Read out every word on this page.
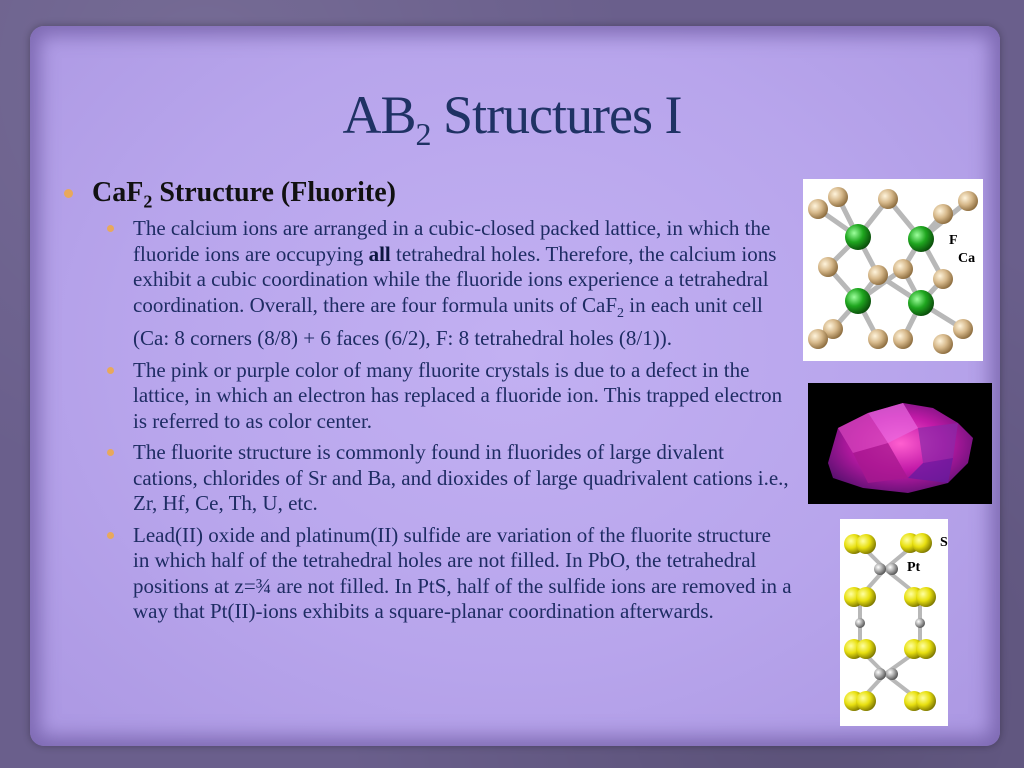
$AB_2$ Structures I
CaF$_2$ Structure (Fluorite)
The calcium ions are arranged in a cubic-closed packed lattice, in which the fluoride ions are occupying all tetrahedral holes. Therefore, the calcium ions exhibit a cubic coordination while the fluoride ions experience a tetrahedral coordination. Overall, there are four formula units of CaF$_2$ in each unit cell (Ca: 8 corners (8/8) + 6 faces (6/2), F: 8 tetrahedral holes (8/1)).
The pink or purple color of many fluorite crystals is due to a defect in the lattice, in which an electron has replaced a fluoride ion. This trapped electron is referred to as color center.
The fluorite structure is commonly found in fluorides of large divalent cations, chlorides of Sr and Ba, and dioxides of large quadrivalent cations i.e., Zr, Hf, Ce, Th, U, etc.
Lead(II) oxide and platinum(II) sulfide are variation of the fluorite structure in which half of the tetrahedral holes are not filled. In PbO, the tetrahedral positions at z=¾ are not filled. In PtS, half of the sulfide ions are removed in a way that Pt(II)-ions exhibits a square-planar coordination afterwards.
F
Ca
S
Pt
